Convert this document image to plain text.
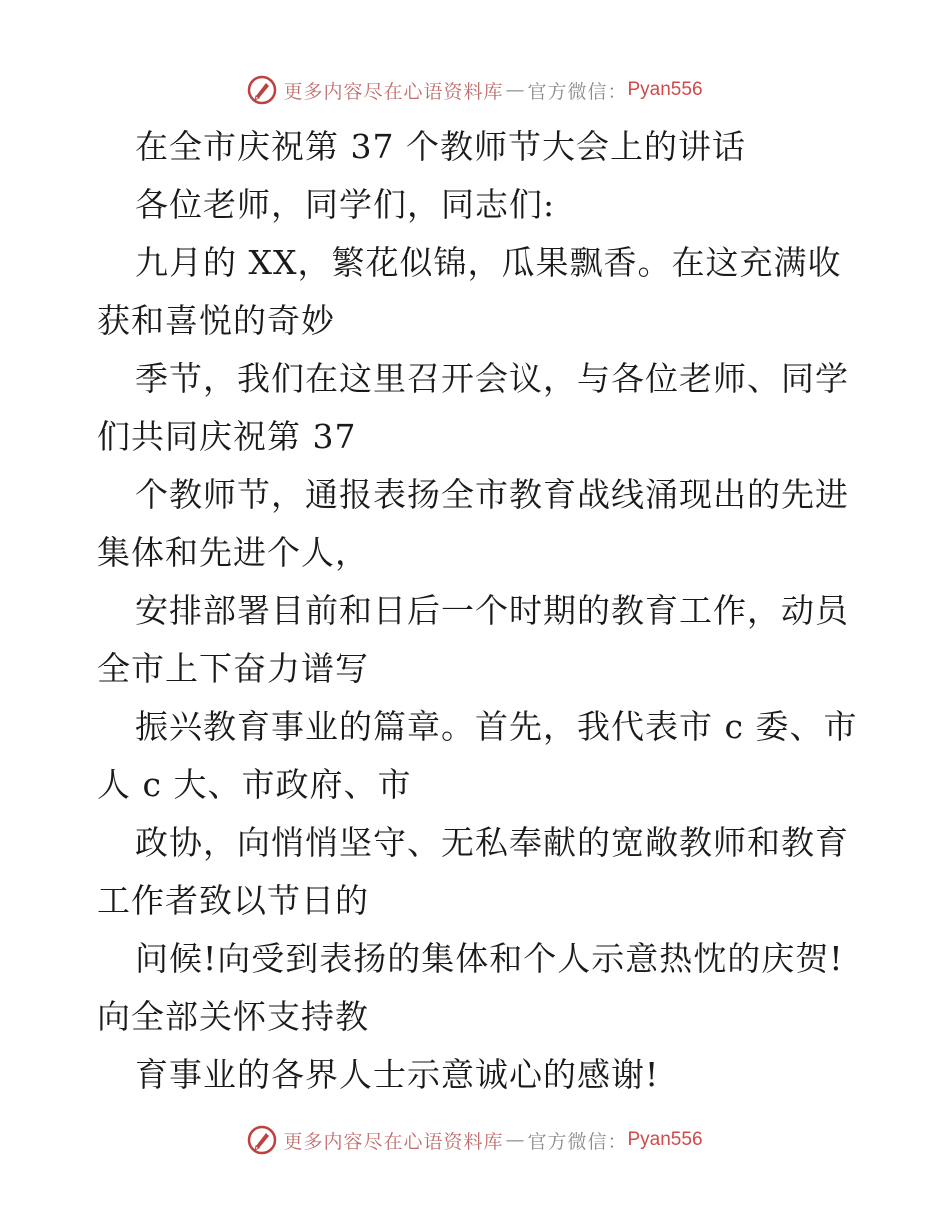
更多内容尽在心语资料库 — 官方微信： Pyan556
在全市庆祝第 37 个教师节大会上的讲话
各位老师，同学们，同志们:
九月的 XX，繁花似锦，瓜果飘香。在这充满收
获和喜悦的奇妙
季节，我们在这里召开会议，与各位老师、同学
们共同庆祝第 37
个教师节，通报表扬全市教育战线涌现出的先进
集体和先进个人，
安排部署目前和日后一个时期的教育工作，动员
全市上下奋力谱写
振兴教育事业的篇章。首先，我代表市 c 委、市
人 c 大、市政府、市
政协，向悄悄坚守、无私奉献的宽敞教师和教育
工作者致以节日的
问候!向受到表扬的集体和个人示意热忱的庆贺!
向全部关怀支持教
育事业的各界人士示意诚心的感谢!
更多内容尽在心语资料库 — 官方微信： Pyan556
